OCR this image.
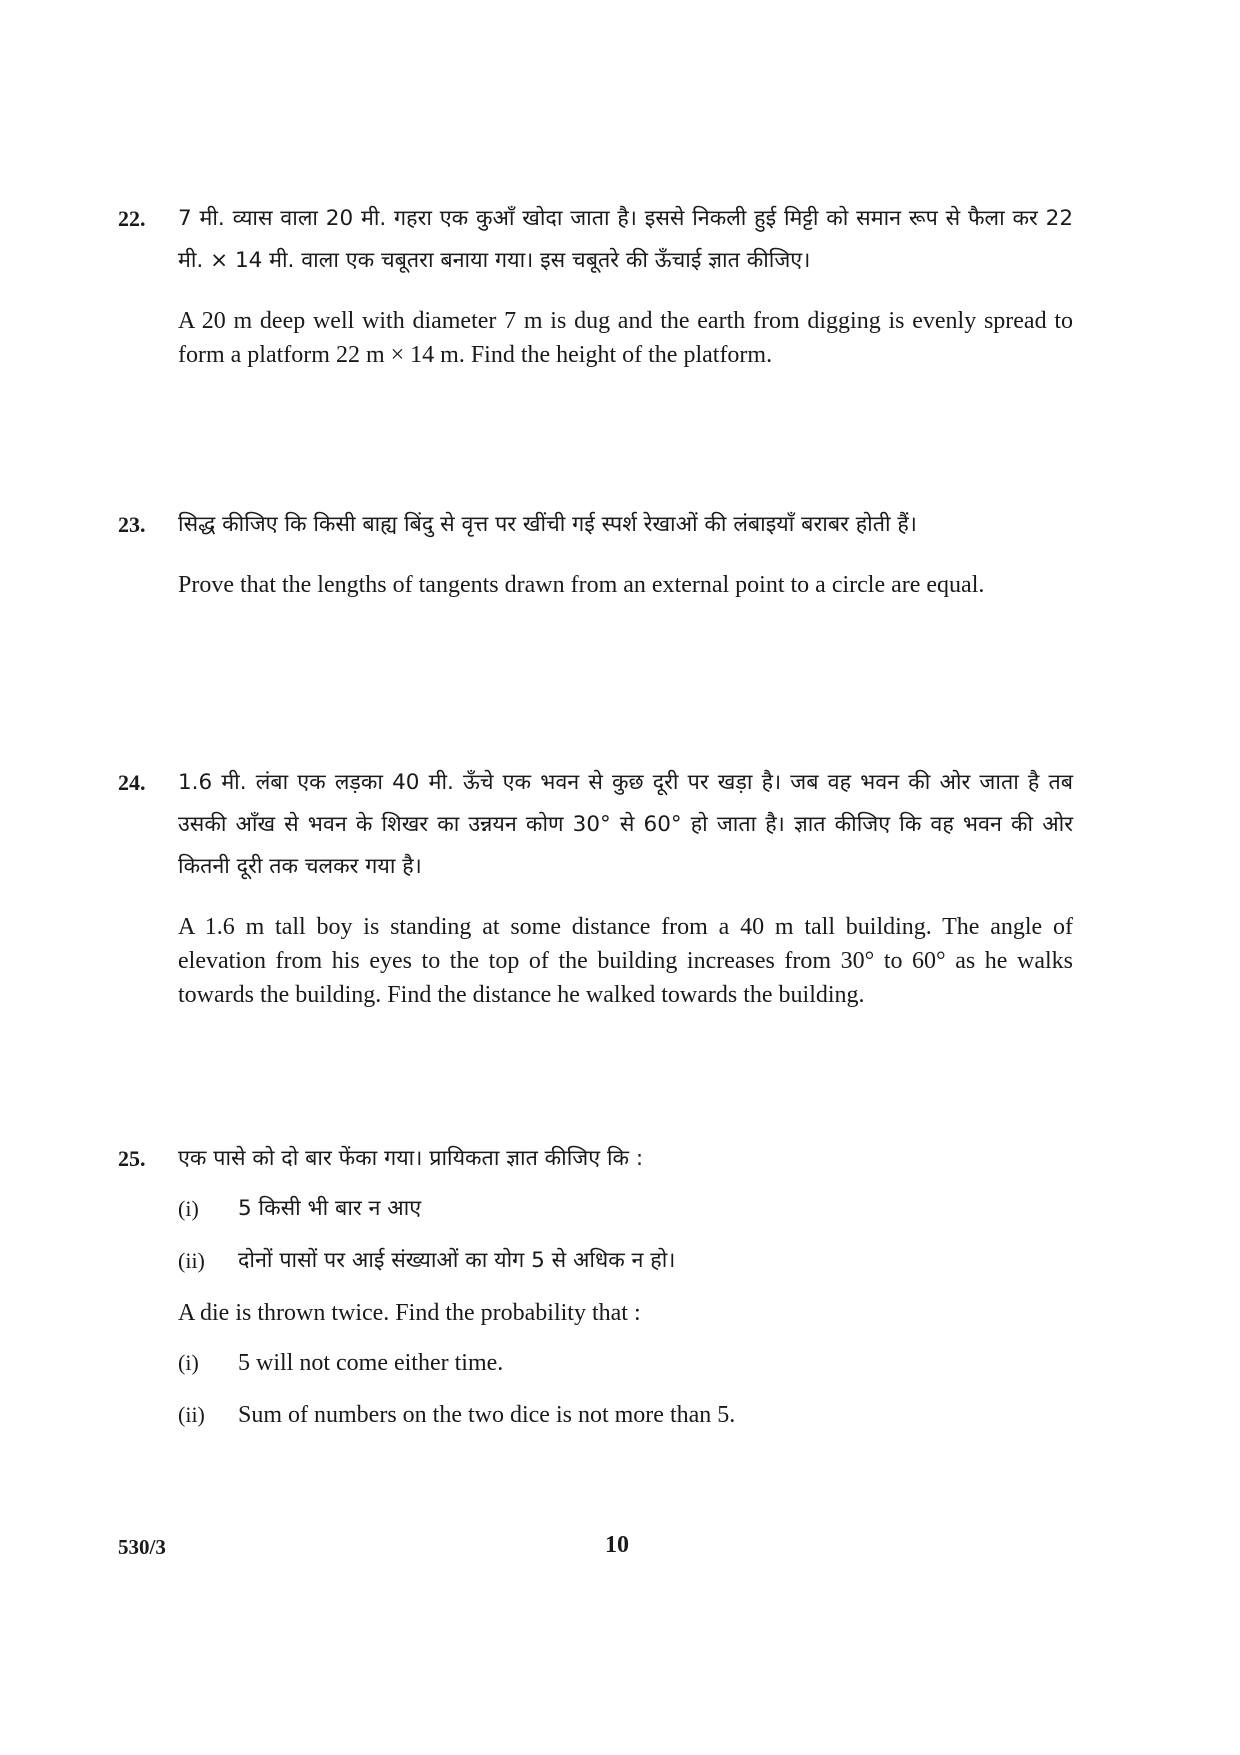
22. 7 मी. व्यास वाला 20 मी. गहरा एक कुआँ खोदा जाता है। इससे निकली हुई मिट्टी को समान रूप से फैला कर 22 मी. × 14 मी. वाला एक चबूतरा बनाया गया। इस चबूतरे की ऊँचाई ज्ञात कीजिए।
A 20 m deep well with diameter 7 m is dug and the earth from digging is evenly spread to form a platform 22 m × 14 m. Find the height of the platform.
23. सिद्ध कीजिए कि किसी बाह्य बिंदु से वृत्त पर खींची गई स्पर्श रेखाओं की लंबाइयाँ बराबर होती हैं।
Prove that the lengths of tangents drawn from an external point to a circle are equal.
24. 1.6 मी. लंबा एक लड़का 40 मी. ऊँचे एक भवन से कुछ दूरी पर खड़ा है। जब वह भवन की ओर जाता है तब उसकी आँख से भवन के शिखर का उन्नयन कोण 30° से 60° हो जाता है। ज्ञात कीजिए कि वह भवन की ओर कितनी दूरी तक चलकर गया है।
A 1.6 m tall boy is standing at some distance from a 40 m tall building. The angle of elevation from his eyes to the top of the building increases from 30° to 60° as he walks towards the building. Find the distance he walked towards the building.
25. एक पासे को दो बार फेंका गया। प्रायिकता ज्ञात कीजिए कि :
(i) 5 किसी भी बार न आए
(ii) दोनों पासों पर आई संख्याओं का योग 5 से अधिक न हो।
A die is thrown twice. Find the probability that :
(i) 5 will not come either time.
(ii) Sum of numbers on the two dice is not more than 5.
530/3	10
